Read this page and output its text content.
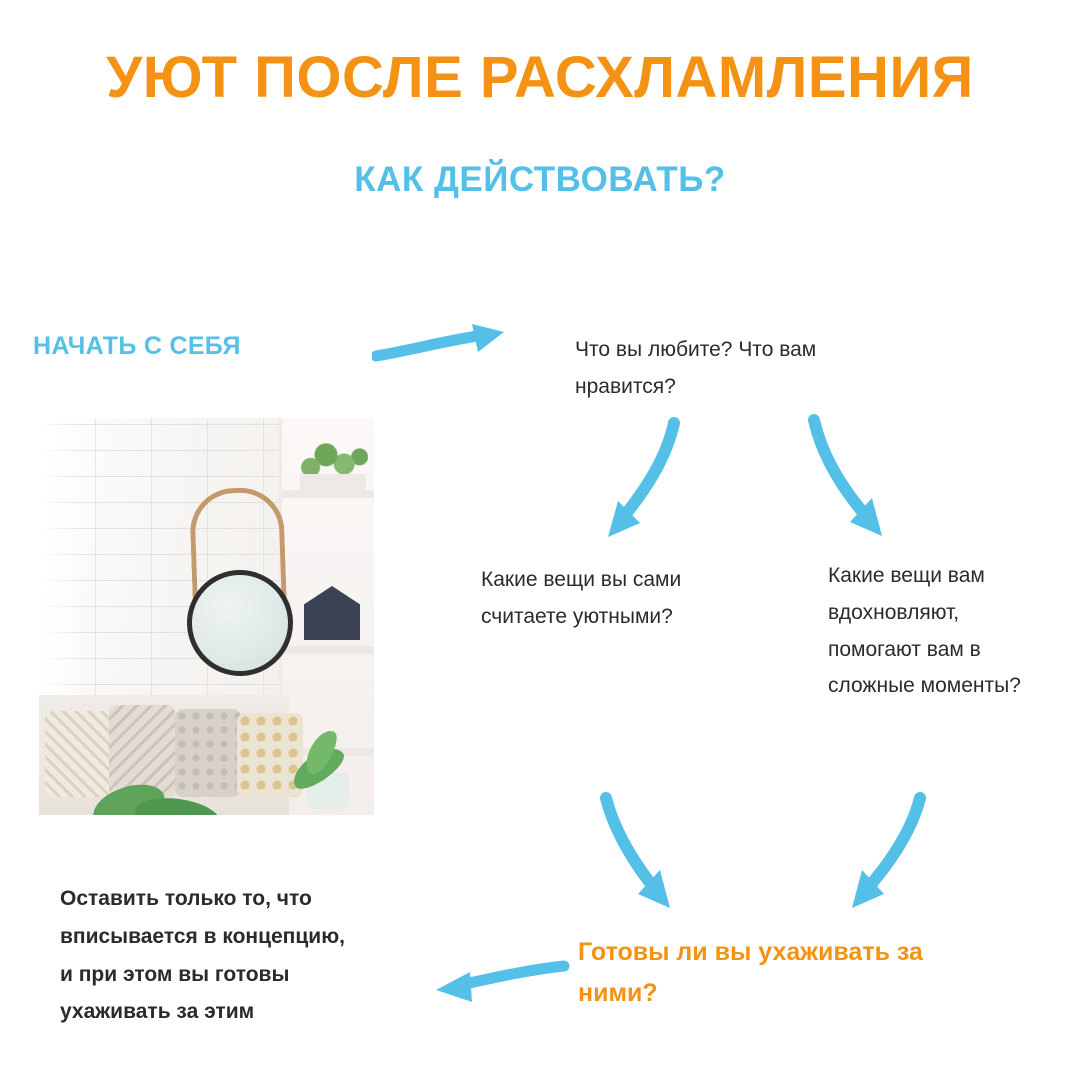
УЮТ ПОСЛЕ РАСХЛАМЛЕНИЯ
КАК ДЕЙСТВОВАТЬ?
НАЧАТЬ С СЕБЯ	Что вы любите? Что вам нравится?
Какие вещи вы сами считаете уютными?
Какие вещи вам вдохновляют, помогают вам в сложные моменты?
Готовы ли вы ухаживать за ними?
Оставить только то, что вписывается в концепцию, и при этом вы готовы ухаживать за этим
